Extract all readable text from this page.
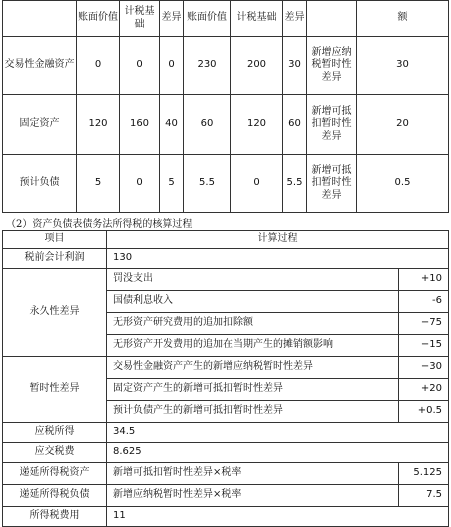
	账面价值	计税基础	差异	账面价值	计税基础	差异		额
交易性金融资产	0	0	0	230	200	30	新增应纳税暂时性差异	30
固定资产	120	160	40	60	120	60	新增可抵扣暂时性差异	20
预计负债	5	0	5	5.5	0	5.5	新增可抵扣暂时性差异	0.5
（2）资产负债表债务法所得税的核算过程
项目	计算过程	
税前会计利润	130	
永久性差异	罚没支出	+10
	国债利息收入	-6
	无形资产研究费用的追加扣除额	−75
	无形资产开发费用的追加在当期产生的摊销额影响	−15
暂时性差异	交易性金融资产产生的新增应纳税暂时性差异	−30
	固定资产产生的新增可抵扣暂时性差异	+20
	预计负债产生的新增可抵扣暂时性差异	+0.5
应税所得	34.5	
应交税费	8.625	
递延所得税资产	新增可抵扣暂时性差异×税率	5.125
递延所得税负债	新增应纳税暂时性差异×税率	7.5
所得税费用	11	
